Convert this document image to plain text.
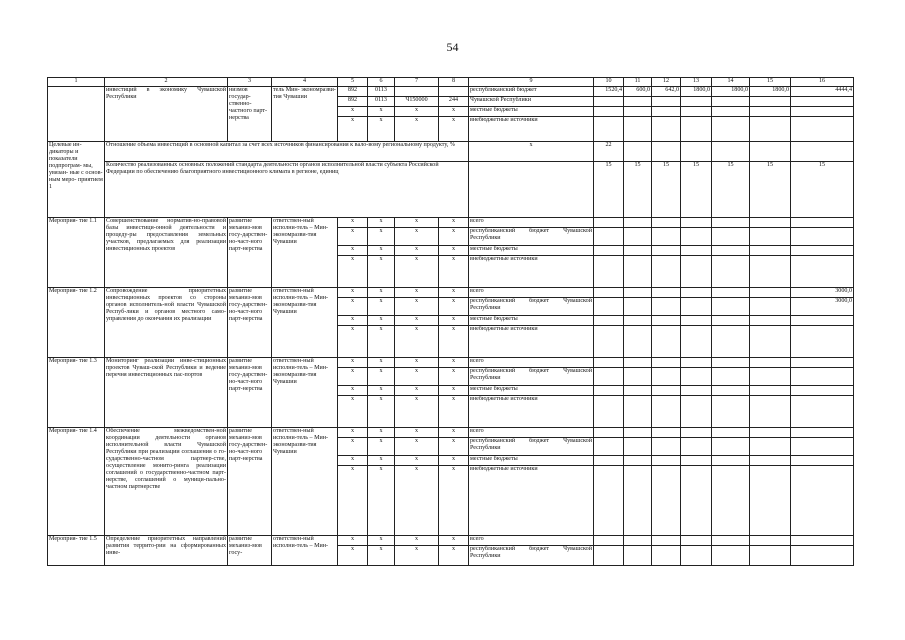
54
1	2	3	4	5	6	7	8	9	10	11	12	13	14	15	16
	инвестиций в экономику Чувашской Республики	низмов государ- ственно- частного парт- нерства	тель Мин- экономразви- тия Чувашии	892	0113			республиканский бюджет	1520,4	600,0	642,0	1800,0	1800,0	1800,0	4444,4
				892	0113	Ч150000	244	Чувашской Республики							
				х	х	х	х	местные бюджеты							
				х	х	х	х	внебюджетные источники							
Целевые ин- дикаторы и показатели подпрограм- мы, увязан- ные с основ- ным меро- приятием 1	Отношение объема инвестиций в основной капитал за счет всех источников финансирования к вало-вому региональному продукту, %							х	22						
	Количество реализованных основных положений стандарта деятельности органов исполнительной власти субъекта Российской Федерации по обеспечению благоприятного инвестиционного климата в регионе, единиц								15	15	15	15	15	15	15
Мероприя- тие 1.1	Совершенствование норматив-но-правовой базы инвестици-онной деятельности и процеду-ры предоставления земельных участков, предлагаемых для реализации инвестиционных проектов	развитие механиз-мов госу-дарствен-но-част-ного парт-нерства	ответствен-ный исполни-тель – Мин-экономразви-тия Чувашии	х	х	х	х	всего							
				х	х	х	х	республиканский бюджет Чувашской Республики							
				х	х	х	х	местные бюджеты							
				х	х	х	х	внебюджетные источники							
Мероприя- тие 1.2	Сопровождение приоритетных инвестиционных проектов со стороны органов исполнитель-ной власти Чувашской Респуб-лики и органов местного само-управления до окончания их реализации	развитие механиз-мов госу-дарствен-но-част-ного парт-нерства	ответствен-ный исполни-тель – Мин-экономразви-тия Чувашии	х	х	х	х	всего							3000,0
				х	х	х	х	республиканский бюджет Чувашской Республики							3000,0
				х	х	х	х	местные бюджеты							
				х	х	х	х	внебюджетные источники							
Мероприя- тие 1.3	Мониторинг реализации инве-стиционных проектов Чуваш-ской Республики и ведение перечня инвестиционных пас-портов	развитие механиз-мов госу-дарствен-но-част-ного парт-нерства	ответствен-ный исполни-тель – Мин-экономразви-тия Чувашии	х	х	х	х	всего							
				х	х	х	х	республиканский бюджет Чувашской Республики							
				х	х	х	х	местные бюджеты							
				х	х	х	х	внебюджетные источники							
Мероприя- тие 1.4	Обеспечение межведомствен-ной координации деятельности органов исполнительной власти Чувашской Республики при реализации соглашения о го-сударственно-частном партнер-стве, осуществление монито-ринга реализации соглашений о государственно-частном парт-нерстве, соглашений о муници-пально-частном партнерстве	развитие механиз-мов госу-дарствен-но-част-ного парт-нерства	ответствен-ный исполни-тель – Мин-экономразви-тия Чувашии	х	х	х	х	всего							
				х	х	х	х	республиканский бюджет Чувашской Республики							
				х	х	х	х	местные бюджеты							
				х	х	х	х	внебюджетные источники							
Мероприя- тие 1.5	Определение приоритетных направлений развития террито-рии на сформированных инве-	развитие механиз-мов госу-	ответствен-ный исполни-тель – Мин-	х	х	х	х	всего							
				х	х	х	х	республиканский бюджет Чувашской Республики							
